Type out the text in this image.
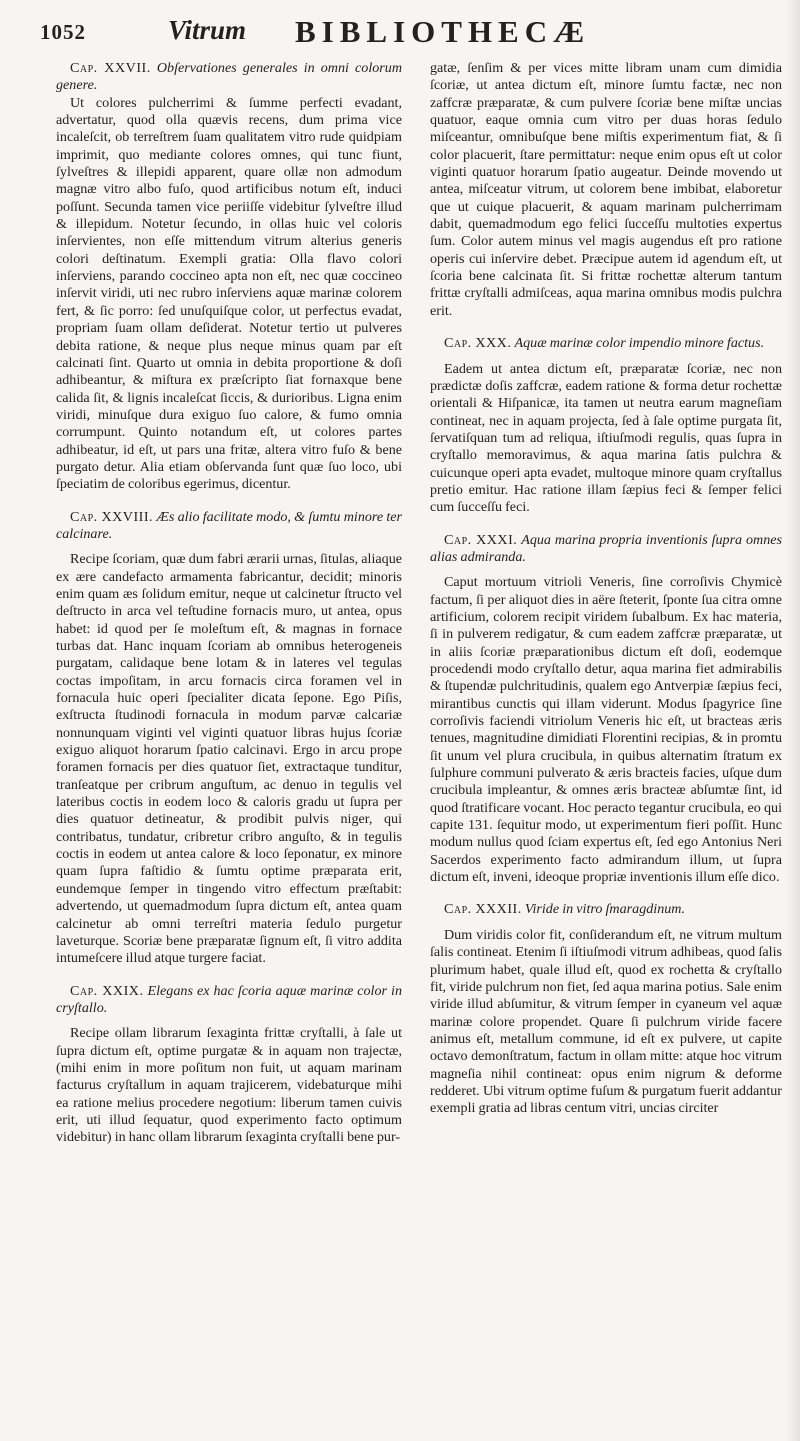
1052	Vitrum BIBLIOTHECÆ

Cap. XXVII. Obſervationes generales in omni colorum genere.

Ut colores pulcherrimi & ſumme perfecti evadant, advertatur, quod olla quævis recens, dum prima vice incaleſcit, ob terreſtrem ſuam qualitatem vitro rude quidpiam imprimit, quo mediante colores omnes, qui tunc fiunt, ſylveſtres & illepidi apparent, quare ollæ non admodum magnæ vitro albo fuſo, quod artificibus notum eſt, induci poſſunt. Secunda tamen vice periiſſe videbitur ſylveſtre illud & illepidum. Notetur ſecundo, in ollas huic vel coloris inſervientes, non eſſe mittendum vitrum alterius generis colori deſtinatum. Exempli gratia: Olla flavo colori inſerviens, parando coccineo apta non eſt, nec quæ coccineo inſervit viridi, uti nec rubro inſerviens aquæ marinæ colorem fert, & ſic porro: ſed unuſquiſque color, ut perfectus evadat, propriam ſuam ollam deſiderat. Notetur tertio ut pulveres debita ratione, & neque plus neque minus quam par eſt calcinati ſint. Quarto ut omnia in debita proportione & doſi adhibeantur, & miſtura ex præſcripto ſiat fornaxque bene calida ſit, & lignis incaleſcat ſiccis, & durioribus. Ligna enim viridi, minuſque dura exiguo ſuo calore, & fumo omnia corrumpunt. Quinto notandum eſt, ut colores partes adhibeatur, id eſt, ut pars una fritæ, altera vitro fuſo & bene purgato detur. Alia etiam obſervanda ſunt quæ ſuo loco, ubi ſpeciatim de coloribus egerimus, dicentur.

Cap. XXVIII. Æs alio facilitate modo, & ſumtu minore ter calcinare.

Recipe ſcoriam, quæ dum fabri ærarii urnas, ſitulas, aliaque ex ære candefacto armamenta fabricantur, decidit; minoris enim quam æs ſolidum emitur, neque ut calcinetur ſtructo vel deſtructo in arca vel teſtudine fornacis muro, ut antea, opus habet: id quod per ſe moleſtum eſt, & magnas in fornace turbas dat. Hanc inquam ſcoriam ab omnibus heterogeneis purgatam, calidaque bene lotam & in lateres vel tegulas coctas impoſitam, in arcu fornacis circa foramen vel in fornacula huic operi ſpecialiter dicata ſepone. Ego Piſis, exſtructa ſtudinodi fornacula in modum parvæ calcariæ nonnunquam viginti vel viginti quatuor libras hujus ſcoriæ exiguo aliquot horarum ſpatio calcinavi. Ergo in arcu prope foramen fornacis per dies quatuor ſiet, extractaque tunditur, tranſeatque per cribrum anguſtum, ac denuo in tegulis vel lateribus coctis in eodem loco & caloris gradu ut ſupra per dies quatuor detineatur, & prodibit pulvis niger, qui contribatus, tundatur, cribretur cribro anguſto, & in tegulis coctis in eodem ut antea calore & loco ſeponatur, ex minore quam ſupra faſtidio & ſumtu optime præparata erit, eundemque ſemper in tingendo vitro effectum præſtabit: advertendo, ut quemadmodum ſupra dictum eſt, antea quam calcinetur ab omni terreſtri materia ſedulo purgetur laveturque. Scoriæ bene præparatæ ſignum eſt, ſi vitro addita intumeſcere illud atque turgere faciat.

Cap. XXIX. Elegans ex hac ſcoria aquæ marinæ color in cryſtallo.

Recipe ollam librarum ſexaginta frittæ cryſtalli, à ſale ut ſupra dictum eſt, optime purgatæ & in aquam non trajectæ, (mihi enim in more poſitum non fuit, ut aquam marinam facturus cryſtallum in aquam trajicerem, videbaturque mihi ea ratione melius procedere negotium: liberum tamen cuivis erit, uti illud ſequatur, quod experimento facto optimum videbitur) in hanc ollam librarum ſexaginta cryſtalli bene pur-

gatæ, ſenſim & per vices mitte libram unam cum dimidia ſcoriæ, ut antea dictum eſt, minore ſumtu factæ, nec non zaffcræ præparatæ, & cum pulvere ſcoriæ bene miſtæ uncias quatuor, eaque omnia cum vitro per duas horas ſedulo miſceantur, omnibuſque bene miſtis experimentum fiat, & ſi color placuerit, ſtare permittatur: neque enim opus eſt ut color viginti quatuor horarum ſpatio augeatur. Deinde movendo ut antea, miſceatur vitrum, ut colorem bene imbibat, elaboretur que ut cuique placuerit, & aquam marinam pulcherrimam dabit, quemadmodum ego felici ſucceſſu multoties expertus ſum. Color autem minus vel magis augendus eſt pro ratione operis cui inſervire debet. Præcipue autem id agendum eſt, ut ſcoria bene calcinata ſit. Si frittæ rochettæ alterum tantum frittæ cryſtalli admiſceas, aqua marina omnibus modis pulchra erit.

Cap. XXX. Aquæ marinæ color impendio minore factus.

Eadem ut antea dictum eſt, præparatæ ſcoriæ, nec non prædictæ doſis zaffcræ, eadem ratione & forma detur rochettæ orientali & Hiſpanicæ, ita tamen ut neutra earum magneſiam contineat, nec in aquam projecta, ſed à ſale optime purgata ſit, ſervatiſquan tum ad reliqua, iſtiuſmodi regulis, quas ſupra in cryſtallo memoravimus, & aqua marina ſatis pulchra & cuicunque operi apta evadet, multoque minore quam cryſtallus pretio emitur. Hac ratione illam ſæpius feci & ſemper felici cum ſucceſſu feci.

Cap. XXXI. Aqua marina propria inventionis ſupra omnes alias admiranda.

Caput mortuum vitrioli Veneris, ſine corroſivis Chymicè factum, ſi per aliquot dies in aëre ſteterit, ſponte ſua citra omne artificium, colorem recipit viridem ſubalbum. Ex hac materia, ſi in pulverem redigatur, & cum eadem zaffcræ præparatæ, ut in aliis ſcoriæ præparationibus dictum eſt doſi, eodemque procedendi modo cryſtallo detur, aqua marina fiet admirabilis & ſtupendæ pulchritudinis, qualem ego Antverpiæ ſæpius feci, mirantibus cunctis qui illam viderunt. Modus ſpagyrice ſine corroſivis faciendi vitriolum Veneris hic eſt, ut bracteas æris tenues, magnitudine dimidiati Florentini recipias, & in promtu ſit unum vel plura crucibula, in quibus alternatim ſtratum ex ſulphure communi pulverato & æris bracteis facies, uſque dum crucibula impleantur, & omnes æris bracteæ abſumtæ ſint, id quod ſtratificare vocant. Hoc peracto tegantur crucibula, eo qui capite 131. ſequitur modo, ut experimentum fieri poſſit. Hunc modum nullus quod ſciam expertus eſt, ſed ego Antonius Neri Sacerdos experimento facto admirandum illum, ut ſupra dictum eſt, inveni, ideoque propriæ inventionis illum eſſe dico.

Cap. XXXII. Viride in vitro ſmaragdinum.

Dum viridis color fit, conſiderandum eſt, ne vitrum multum ſalis contineat. Etenim ſi iſtiuſmodi vitrum adhibeas, quod ſalis plurimum habet, quale illud eſt, quod ex rochetta & cryſtallo fit, viride pulchrum non fiet, ſed aqua marina potius. Sale enim viride illud abſumitur, & vitrum ſemper in cyaneum vel aquæ marinæ colore propendet. Quare ſi pulchrum viride facere animus eſt, metallum commune, id eſt ex pulvere, ut capite octavo demonſtratum, factum in ollam mitte: atque hoc vitrum magneſia nihil contineat: opus enim nigrum & deforme redderet. Ubi vitrum optime fuſum & purgatum fuerit addantur exempli gratia ad libras centum vitri, uncias circiter
